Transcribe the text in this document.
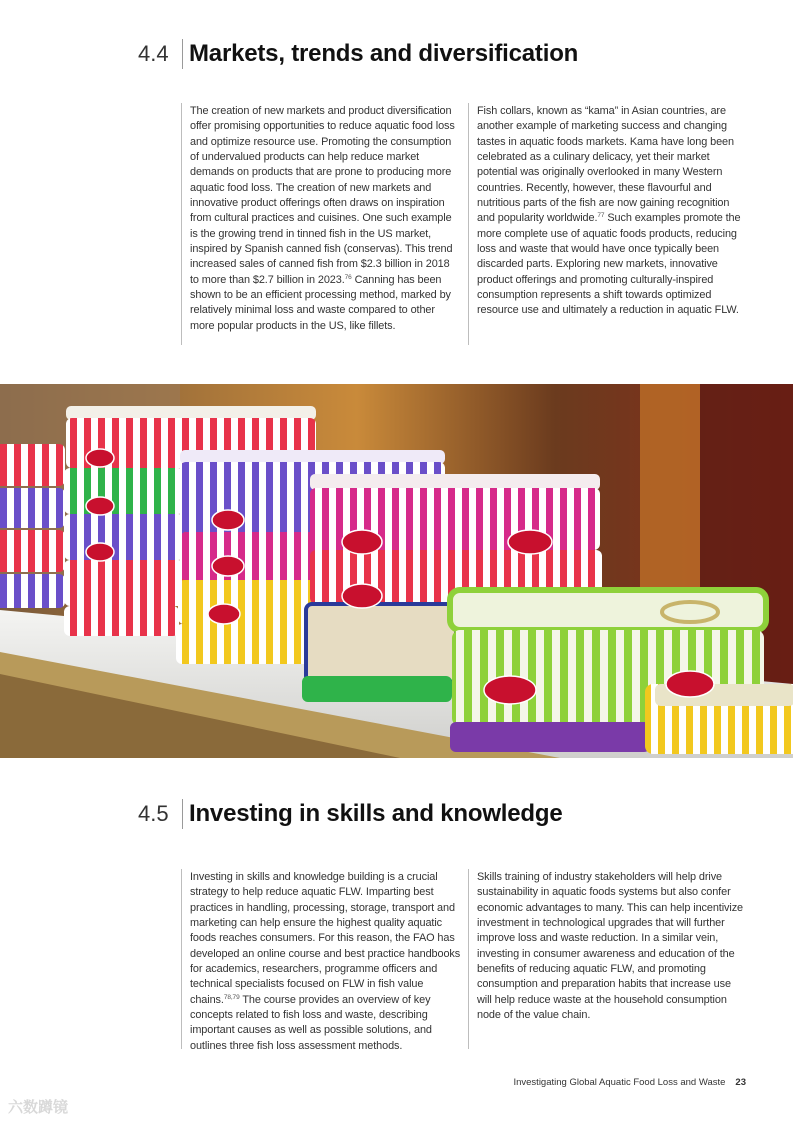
4.4 Markets, trends and diversification
The creation of new markets and product diversification offer promising opportunities to reduce aquatic food loss and optimize resource use. Promoting the consumption of undervalued products can help reduce market demands on products that are prone to producing more aquatic food loss. The creation of new markets and innovative product offerings often draws on inspiration from cultural practices and cuisines. One such example is the growing trend in tinned fish in the US market, inspired by Spanish canned fish (conservas). This trend increased sales of canned fish from $2.3 billion in 2018 to more than $2.7 billion in 2023.76 Canning has been shown to be an efficient processing method, marked by relatively minimal loss and waste compared to other more popular products in the US, like fillets.
Fish collars, known as “kama” in Asian countries, are another example of marketing success and changing tastes in aquatic foods markets. Kama have long been celebrated as a culinary delicacy, yet their market potential was originally overlooked in many Western countries. Recently, however, these flavourful and nutritious parts of the fish are now gaining recognition and popularity worldwide.$^{77}$ Such examples promote the more complete use of aquatic foods products, reducing loss and waste that would have once typically been discarded parts. Exploring new markets, innovative product offerings and promoting culturally-inspired consumption represents a shift towards optimized resource use and ultimately a reduction in aquatic FLW.
4.5 Investing in skills and knowledge
Investing in skills and knowledge building is a crucial strategy to help reduce aquatic FLW. Imparting best practices in handling, processing, storage, transport and marketing can help ensure the highest quality aquatic foods reaches consumers. For this reason, the FAO has developed an online course and best practice handbooks for academics, researchers, programme officers and technical specialists focused on FLW in fish value chains.$^{78,79}$ The course provides an overview of key concepts related to fish loss and waste, describing important causes as well as possible solutions, and outlines three fish loss assessment methods.
Skills training of industry stakeholders will help drive sustainability in aquatic foods systems but also confer economic advantages to many. This can help incentivize investment in technological upgrades that will further improve loss and waste reduction. In a similar vein, investing in consumer awareness and education of the benefits of reducing aquatic FLW, and promoting consumption and preparation habits that increase use will help reduce waste at the household consumption node of the value chain.
Investigating Global Aquatic Food Loss and Waste 23
六数蹲镜
